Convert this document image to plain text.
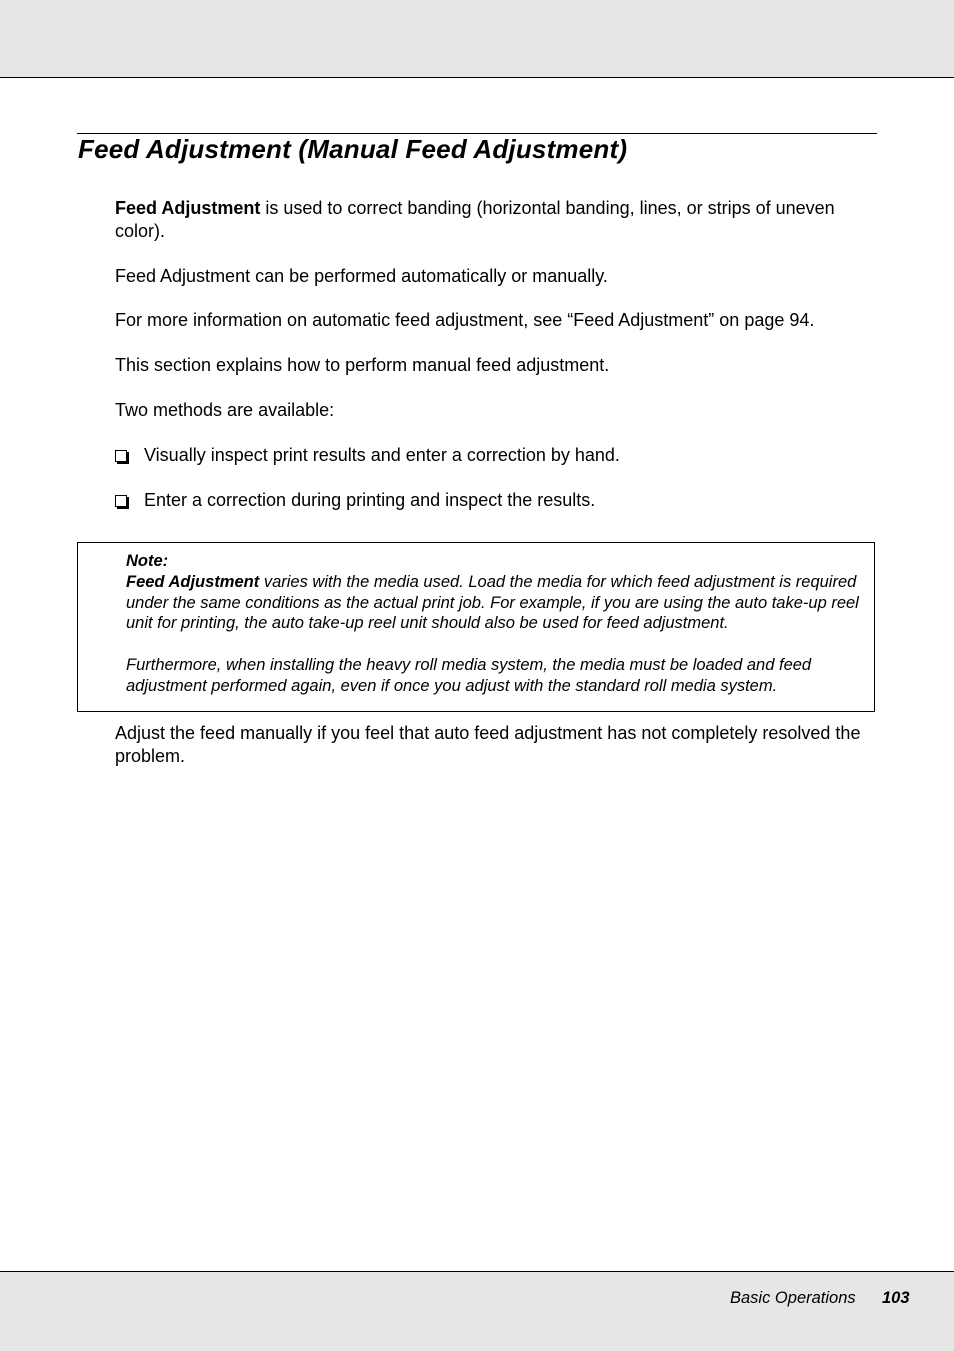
Feed Adjustment (Manual Feed Adjustment)

Feed Adjustment is used to correct banding (horizontal banding, lines, or strips of uneven color).

Feed Adjustment can be performed automatically or manually.

For more information on automatic feed adjustment, see “Feed Adjustment” on page 94.

This section explains how to perform manual feed adjustment.

Two methods are available:

Visually inspect print results and enter a correction by hand.
Enter a correction during printing and inspect the results.

Note:

Feed Adjustment varies with the media used. Load the media for which feed adjustment is required under the same conditions as the actual print job. For example, if you are using the auto take-up reel unit for printing, the auto take-up reel unit should also be used for feed adjustment.

Furthermore, when installing the heavy roll media system, the media must be loaded and feed adjustment performed again, even if once you adjust with the standard roll media system.

Adjust the feed manually if you feel that auto feed adjustment has not completely resolved the problem.

Basic Operations 103
